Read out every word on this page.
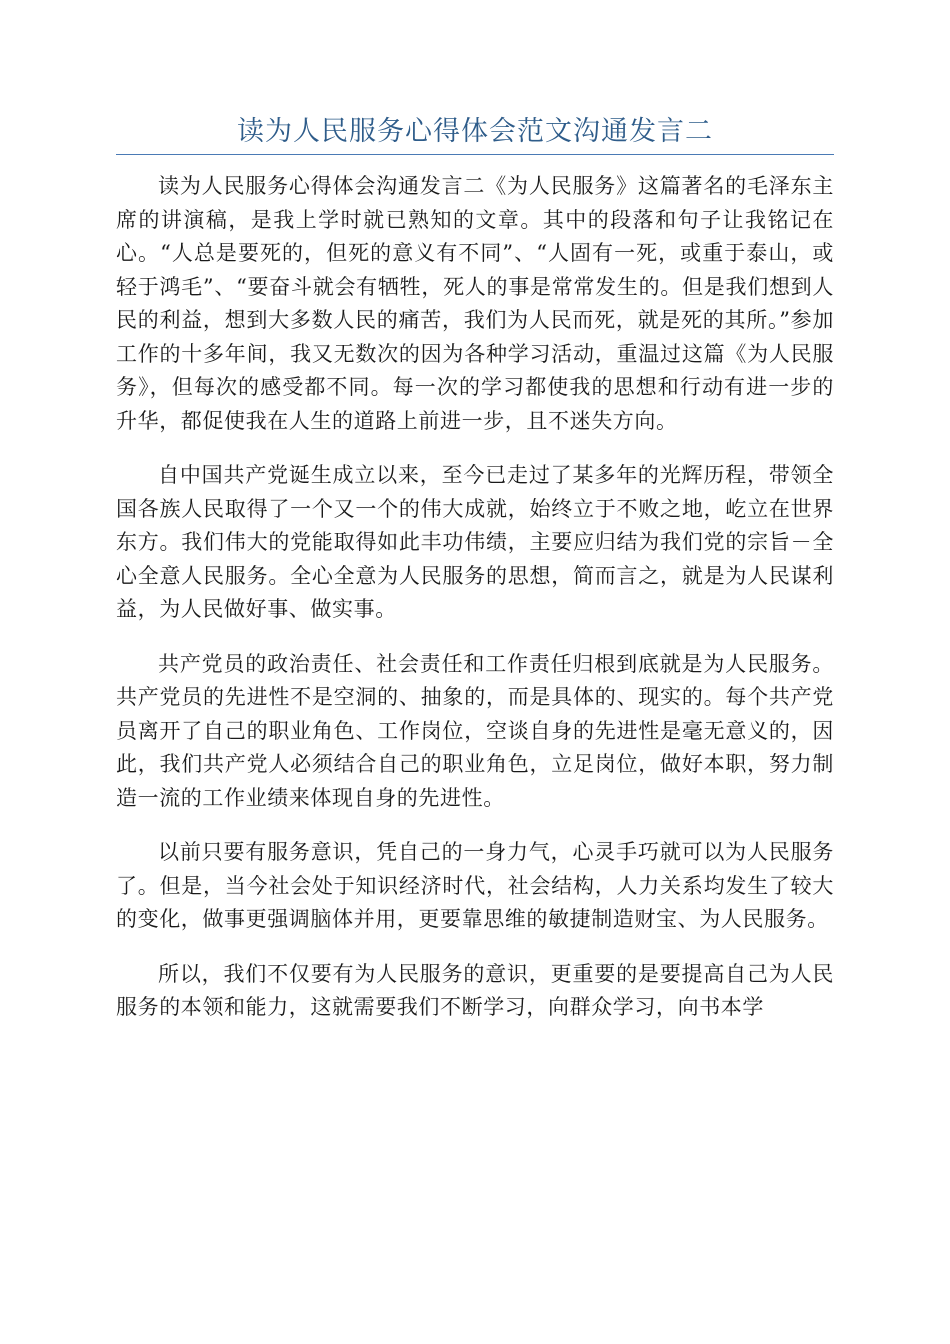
读为人民服务心得体会范文沟通发言二

读为人民服务心得体会沟通发言二《为人民服务》这篇著名的毛泽东主席的讲演稿，是我上学时就已熟知的文章。其中的段落和句子让我铭记在心。“人总是要死的，但死的意义有不同”、“人固有一死，或重于泰山，或轻于鸿毛”、“要奋斗就会有牺牲，死人的事是常常发生的。但是我们想到人民的利益，想到大多数人民的痛苦，我们为人民而死，就是死的其所。”参加工作的十多年间，我又无数次的因为各种学习活动，重温过这篇《为人民服务》，但每次的感受都不同。每一次的学习都使我的思想和行动有进一步的升华，都促使我在人生的道路上前进一步，且不迷失方向。

自中国共产党诞生成立以来，至今已走过了某多年的光辉历程，带领全国各族人民取得了一个又一个的伟大成就，始终立于不败之地，屹立在世界东方。我们伟大的党能取得如此丰功伟绩，主要应归结为我们党的宗旨－全心全意人民服务。全心全意为人民服务的思想，简而言之，就是为人民谋利益，为人民做好事、做实事。

共产党员的政治责任、社会责任和工作责任归根到底就是为人民服务。共产党员的先进性不是空洞的、抽象的，而是具体的、现实的。每个共产党员离开了自己的职业角色、工作岗位，空谈自身的先进性是毫无意义的，因此，我们共产党人必须结合自己的职业角色，立足岗位，做好本职，努力制造一流的工作业绩来体现自身的先进性。

以前只要有服务意识，凭自己的一身力气，心灵手巧就可以为人民服务了。但是，当今社会处于知识经济时代，社会结构，人力关系均发生了较大的变化，做事更强调脑体并用，更要靠思维的敏捷制造财宝、为人民服务。

所以，我们不仅要有为人民服务的意识，更重要的是要提高自己为人民服务的本领和能力，这就需要我们不断学习，向群众学习，向书本学
